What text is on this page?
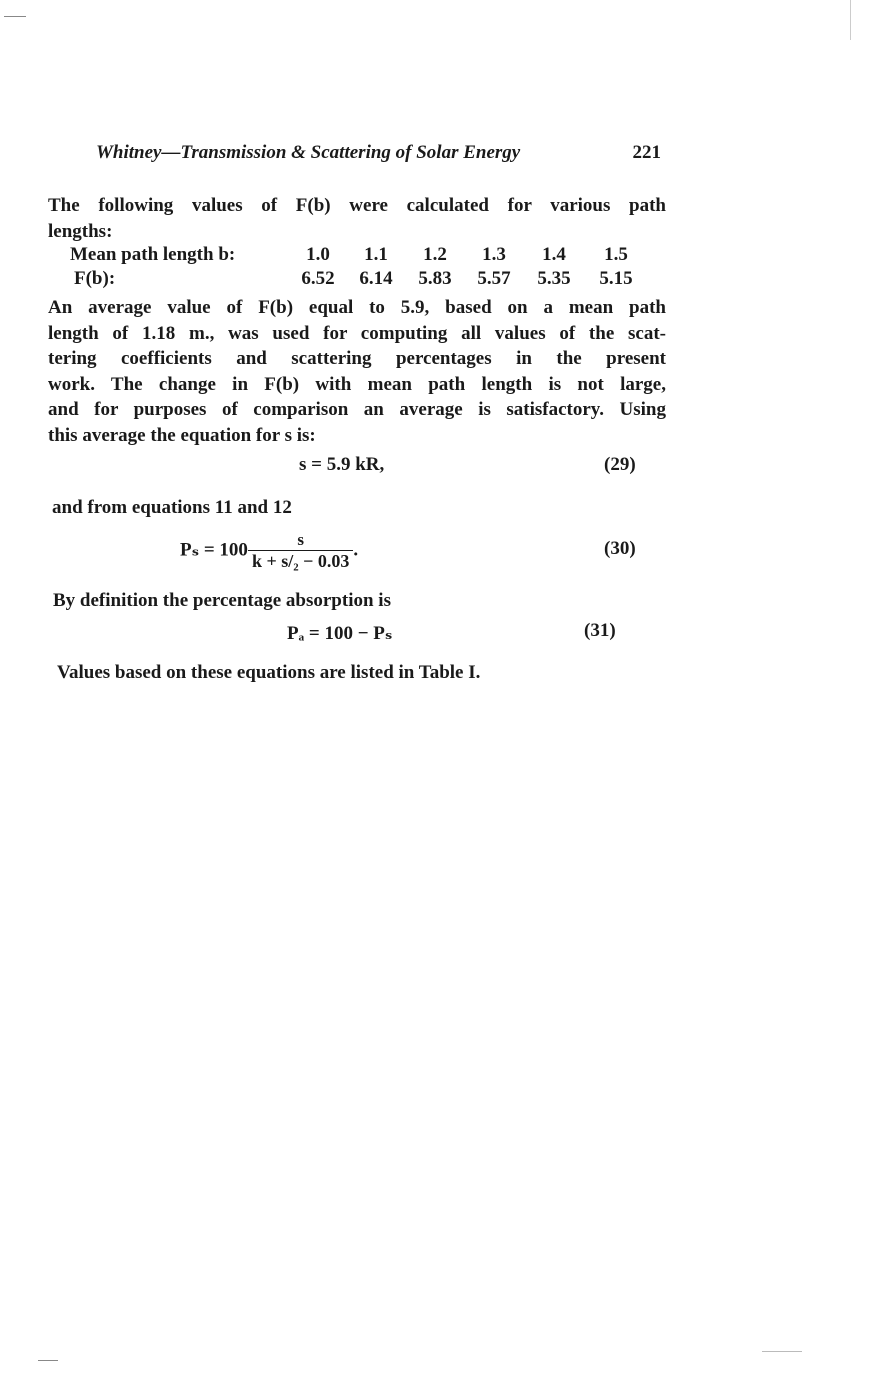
Whitney—Transmission & Scattering of Solar Energy	221
The following values of F(b) were calculated for various path
lengths:
Mean path length b:	1.0	1.1	1.2	1.3	1.4	1.5
F(b):	6.52 6.14 5.83 5.57 5.35 5.15
An average value of F(b) equal to 5.9, based on a mean path
length of 1.18 m., was used for computing all values of the scat-
tering coefficients and scattering percentages in the present
work. The change in F(b) with mean path length is not large,
and for purposes of comparison an average is satisfactory. Using
this average the equation for s is:
s = 5.9 kR,	(29)
and from equations 11 and 12
$P_s = 100 \frac{s}{\text{k + s/₂ − 0.03}}$ .	(30)
By definition the percentage absorption is
Pₐ = 100 − Pₛ	(31)
Values based on these equations are listed in Table I.
